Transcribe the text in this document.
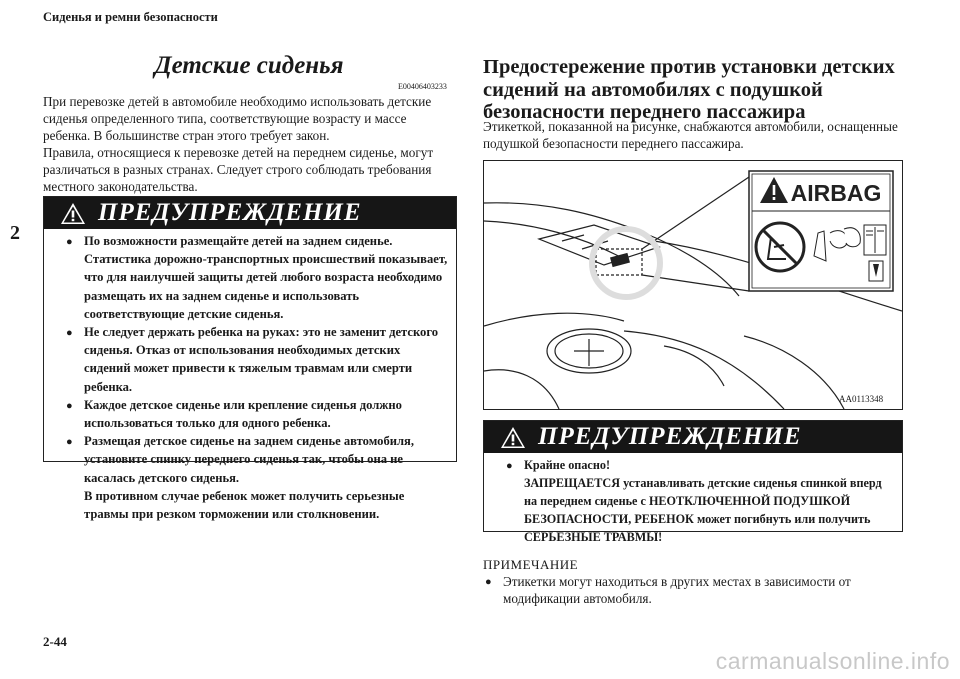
Сиденья и ремни безопасности
2
2-44
carmanualsonline.info
Детские сиденья
E00406403233
При перевозке детей в автомобиле необходимо использовать детские сиденья определенного типа, соответствующие возрасту и массе ребенка. В большинстве стран этого требует закон.
Правила, относящиеся к перевозке детей на переднем сиденье, могут различаться в разных странах. Следует строго соблюдать требования местного законодательства.
ПРЕДУПРЕЖДЕНИЕ
● По возможности размещайте детей на заднем сиденье. Статистика дорожно-транспортных происшествий показывает, что для наилучшей защиты детей любого возраста необходимо размещать их на заднем сиденье и использовать соответствующие детские сиденья.
● Не следует держать ребенка на руках: это не заменит детского сиденья. Отказ от использования необходимых детских сидений может привести к тяжелым травмам или смерти ребенка.
● Каждое детское сиденье или крепление сиденья должно использоваться только для одного ребенка.
● Размещая детское сиденье на заднем сиденье автомобиля, установите спинку переднего сиденья так, чтобы она не касалась детского сиденья.
В противном случае ребенок может получить серьезные травмы при резком торможении или столкновении.
Предостережение против установки детских сидений на автомобилях с подушкой безопасности переднего пассажира
Этикеткой, показанной на рисунке, снабжаются автомобили, оснащенные подушкой безопасности переднего пассажира.
AIRBAG
AA0113348
ПРЕДУПРЕЖДЕНИЕ
● Крайне опасно!
ЗАПРЕЩАЕТСЯ устанавливать детские сиденья спинкой вперд на переднем сиденье с НЕОТКЛЮЧЕННОЙ ПОДУШКОЙ БЕЗОПАСНОСТИ, РЕБЕНОК может погибнуть или получить СЕРЬЕЗНЫЕ ТРАВМЫ!
ПРИМЕЧАНИЕ
● Этикетки могут находиться в других местах в зависимости от модификации автомобиля.
